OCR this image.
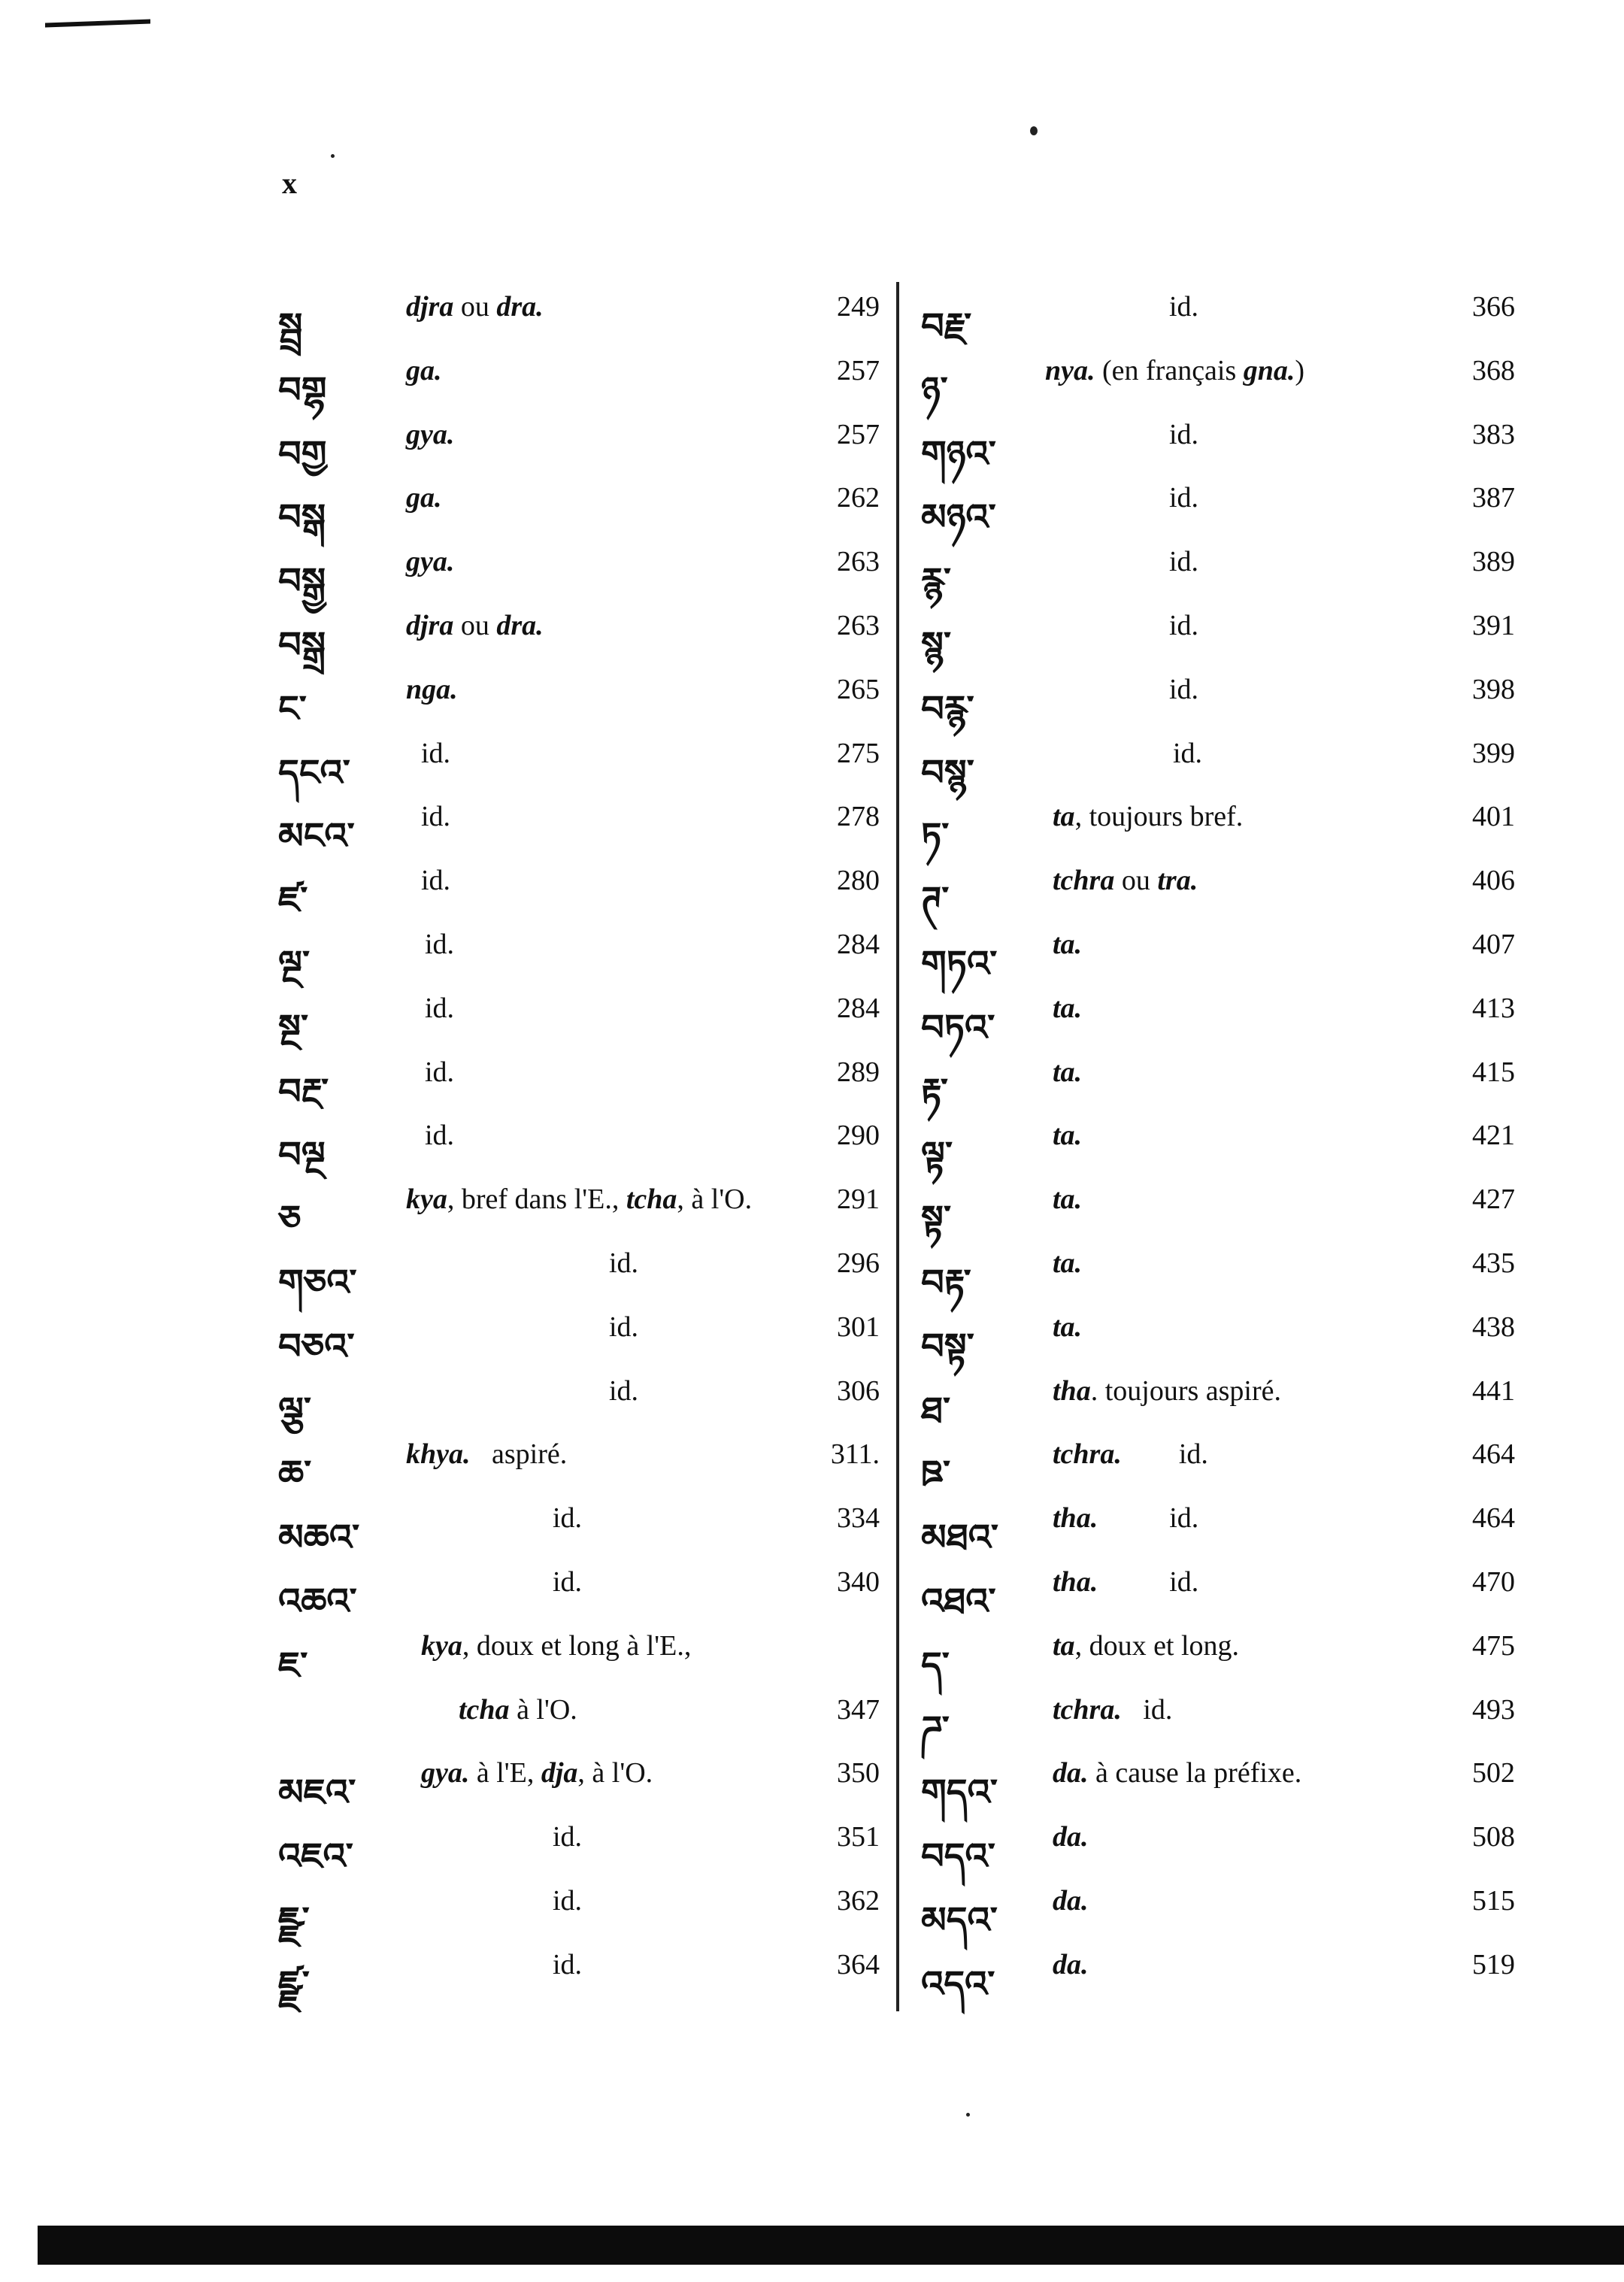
x
སྦྲ	djra ou dra.	249
བགྷ	ga.	257
བགྱ	gya.	257
བསྒ	ga.	262
བསྒྱ	gya.	263
བསྒྲ	djra ou dra.	263
ང་	nga.	265
དངའ་ id.	275
མངའ་ id.	278
ཛ་	id.	280
ལྔ་	id.	284
སྔ་	id.	284
བརྔ་	id.	289
བལྔ	id.	290
ཅ	kya, bref dans l'E., tcha, à l'O.	291
གཅའ་	id.	296
བཅའ་	id.	301
ལྕ་	id.	306
ཆ་	khya.   aspiré.	311.
མཆའ་	id.	334
འཆའ་	id.	340
ཇ་	kya, doux et long à l'E.,
tcha à l'O.	347
མཇའ་ gya. à l'E, dja, à l'O.	350
འཇའ་	id.	351
ཇྫ་	id.	362
ཛྫ་	id.	364
བརྗ་	id.	366
ཉ་	nya. (en français gna.)	368
གཉའ་	id.	383
མཉའ་	id.	387
རྙ་	id.	389
སྙ་	id.	391
བརྙ་	id.	398
བསྙ་	id.	399
ཏ་	ta, toujours bref.	401
ཊ་	tchra ou tra.	406
གཏའ་ ta.	407
བཏའ་ ta.	413
རྟ་	ta.	415
ལྟ་	ta.	421
སྟ་	ta.	427
བརྟ་	ta.	435
བསྟ་	ta.	438
ཐ་	tha. toujours aspiré.	441
ཋ་	tchra.        id.	464
མཐའ་ tha.          id.	464
འཐའ་ tha.          id.	470
ད་	ta, doux et long.	475
ཌ་	tchra.   id.	493
གདའ་ da. à cause la préfixe.	502
བདའ་ da.	508
མདའ་ da.	515
འདའ་ da.	519
